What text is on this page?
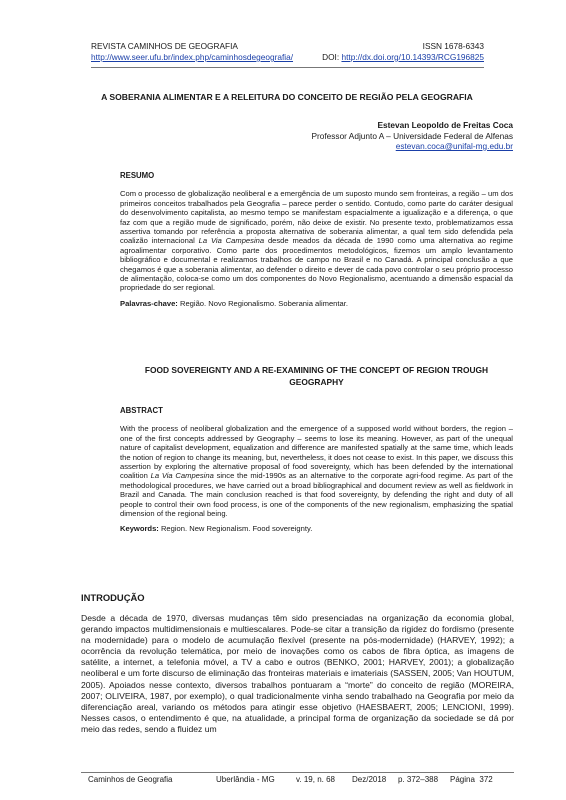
REVISTA CAMINHOS DE GEOGRAFIA	ISSN 1678-6343
http://www.seer.ufu.br/index.php/caminhosdegeografia/	DOI: http://dx.doi.org/10.14393/RCG196825
A SOBERANIA ALIMENTAR E A RELEITURA DO CONCEITO DE REGIÃO PELA GEOGRAFIA
Estevan Leopoldo de Freitas Coca
Professor Adjunto A – Universidade Federal de Alfenas
estevan.coca@unifal-mg.edu.br
RESUMO

Com o processo de globalização neoliberal e a emergência de um suposto mundo sem fronteiras, a região – um dos primeiros conceitos trabalhados pela Geografia – parece perder o sentido. Contudo, como parte do caráter desigual do desenvolvimento capitalista, ao mesmo tempo se manifestam espacialmente a igualização e a diferença, o que faz com que a região mude de significado, porém, não deixe de existir. No presente texto, problematizamos essa assertiva tomando por referência a proposta alternativa de soberania alimentar, a qual tem sido defendida pela coalizão internacional La Via Campesina desde meados da década de 1990 como uma alternativa ao regime agroalimentar corporativo. Como parte dos procedimentos metodológicos, fizemos um amplo levantamento bibliográfico e documental e realizamos trabalhos de campo no Brasil e no Canadá. A principal conclusão a que chegamos é que a soberania alimentar, ao defender o direito e dever de cada povo controlar o seu próprio processo de alimentação, coloca-se como um dos componentes do Novo Regionalismo, acentuando a dimensão espacial da propriedade do ser regional.

Palavras-chave: Região. Novo Regionalismo. Soberania alimentar.

FOOD SOVEREIGNTY AND A RE-EXAMINING OF THE CONCEPT OF REGION TROUGH GEOGRAPHY
ABSTRACT

With the process of neoliberal globalization and the emergence of a supposed world without borders, the region – one of the first concepts addressed by Geography – seems to lose its meaning. However, as part of the unequal nature of capitalist development, equalization and difference are manifested spatially at the same time, which leads the notion of region to change its meaning, but, nevertheless, it does not cease to exist. In this paper, we discuss this assertion by exploring the alternative proposal of food sovereignty, which has been defended by the international coalition La Via Campesina since the mid-1990s as an alternative to the corporate agri-food regime. As part of the methodological procedures, we have carried out a broad bibliographical and document review as well as fieldwork in Brazil and Canada. The main conclusion reached is that food sovereignty, by defending the right and duty of all people to control their own food process, is one of the components of the new regionalism, emphasizing the spatial dimension of the regional being.

Keywords: Region. New Regionalism. Food sovereignty.

INTRODUÇÃO

Desde a década de 1970, diversas mudanças têm sido presenciadas na organização da economia global, gerando impactos multidimensionais e multiescalares. Pode-se citar a transição da rigidez do fordismo (presente na modernidade) para o modelo de acumulação flexível (presente na pós-modernidade) (HARVEY, 1992); a ocorrência da revolução telemática, por meio de inovações como os cabos de fibra óptica, as imagens de satélite, a internet, a telefonia móvel, a TV a cabo e outros (BENKO, 2001; HARVEY, 2001); a globalização neoliberal e um forte discurso de eliminação das fronteiras materiais e imateriais (SASSEN, 2005; Van HOUTUM, 2005). Apoiados nesse contexto, diversos trabalhos pontuaram a “morte” do conceito de região (MOREIRA, 2007; OLIVEIRA, 1987, por exemplo), o qual tradicionalmente vinha sendo trabalhado na Geografia por meio da diferenciação areal, variando os métodos para atingir esse objetivo (HAESBAERT, 2005; LENCIONI, 1999). Nesses casos, o entendimento é que, na atualidade, a principal forma de organização da sociedade se dá por meio das redes, sendo a fluidez um

Caminhos de Geografia	Uberlândia - MG	v. 19, n. 68	Dez/2018	p. 372–388	Página 372
